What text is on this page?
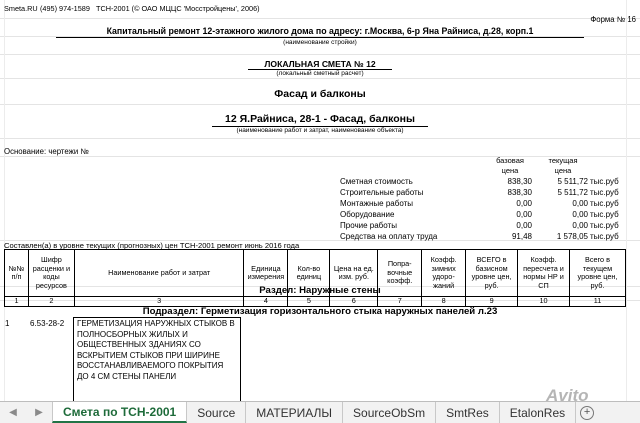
Smeta.RU (495) 974-1589 ТСН-2001 (© ОАО МЦЦС 'Мосстройцены', 2006)
Форма № 16
Капитальный ремонт 12-этажного жилого дома по адресу: г.Москва, 6-р Яна Райниса, д.28, корп.1
(наименование стройки)
ЛОКАЛЬНАЯ СМЕТА № 12
(локальный сметный расчет)
Фасад и балконы
12 Я.Райниса, 28-1 - Фасад, балконы
(наименование работ и затрат, наименование объекта)
Основание: чертежи №
базовая
цена
текущая
цена
Сметная стоимость	838,30	5 511,72 тыс.руб
Строительные работы	838,30	5 511,72 тыс.руб
Монтажные работы	0,00	0,00 тыс.руб
Оборудование	0,00	0,00 тыс.руб
Прочие работы	0,00	0,00 тыс.руб
Средства на оплату труда	91,48	1 578,05 тыс.руб
Составлен(а) в уровне текущих (прогнозных) цен ТСН-2001 ремонт июнь 2016 года
№№ п/п	Шифр расценки и коды ресурсов	Наименование работ и затрат	Единица измерения	Кол-во единиц	Цена на ед. изм. руб.	Попра-вочные коэфф.	Коэфф. зимних удоро-жаний	ВСЕГО в базисном уровне цен, руб.	Коэфф. пересчета и нормы НР и СП	Всего в текущем уровне цен, руб.
1	2	3	4	5	6	7	8	9	10	11
Раздел: Наружные стены
Подраздел: Герметизация горизонтального стыка наружных панелей л.23
1	6.53-28-2	ГЕРМЕТИЗАЦИЯ НАРУЖНЫХ СТЫКОВ В ПОЛНОСБОРНЫХ ЖИЛЫХ И ОБЩЕСТВЕННЫХ ЗДАНИЯХ СО ВСКРЫТИЕМ СТЫКОВ ПРИ ШИРИНЕ ВОССТАНАВЛИВАЕМОГО ПОКРЫТИЯ ДО 4 СМ СТЕНЫ ПАНЕЛИ
◀	▶	Смета по ТСН-2001	Source	МАТЕРИАЛЫ	SourceObSm	SmtRes	EtalonRes	+
Avito
